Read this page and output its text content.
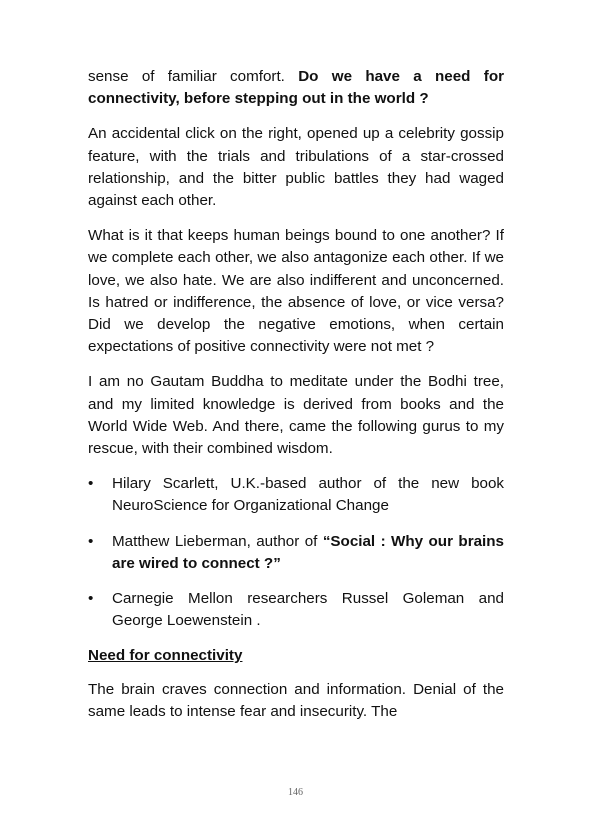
sense of familiar comfort. Do we have a need for connectivity, before stepping out in the world ?

An accidental click on the right, opened up a celebrity gossip feature, with the trials and tribulations of a star-crossed relationship, and the bitter public battles they had waged against each other.

What is it that keeps human beings bound to one another? If we complete each other, we also antagonize each other. If we love, we also hate. We are also indifferent and unconcerned. Is hatred or indifference, the absence of love, or vice versa? Did we develop the negative emotions, when certain expectations of positive connectivity were not met ?

I am no Gautam Buddha to meditate under the Bodhi tree, and my limited knowledge is derived from books and the World Wide Web. And there, came the following gurus to my rescue, with their combined wisdom.

• Hilary Scarlett, U.K.-based author of the new book NeuroScience for Organizational Change
• Matthew Lieberman, author of “Social : Why our brains are wired to connect ?”
• Carnegie Mellon researchers Russel Goleman and George Loewenstein .
Need for connectivity

The brain craves connection and information. Denial of the same leads to intense fear and insecurity. The

146
